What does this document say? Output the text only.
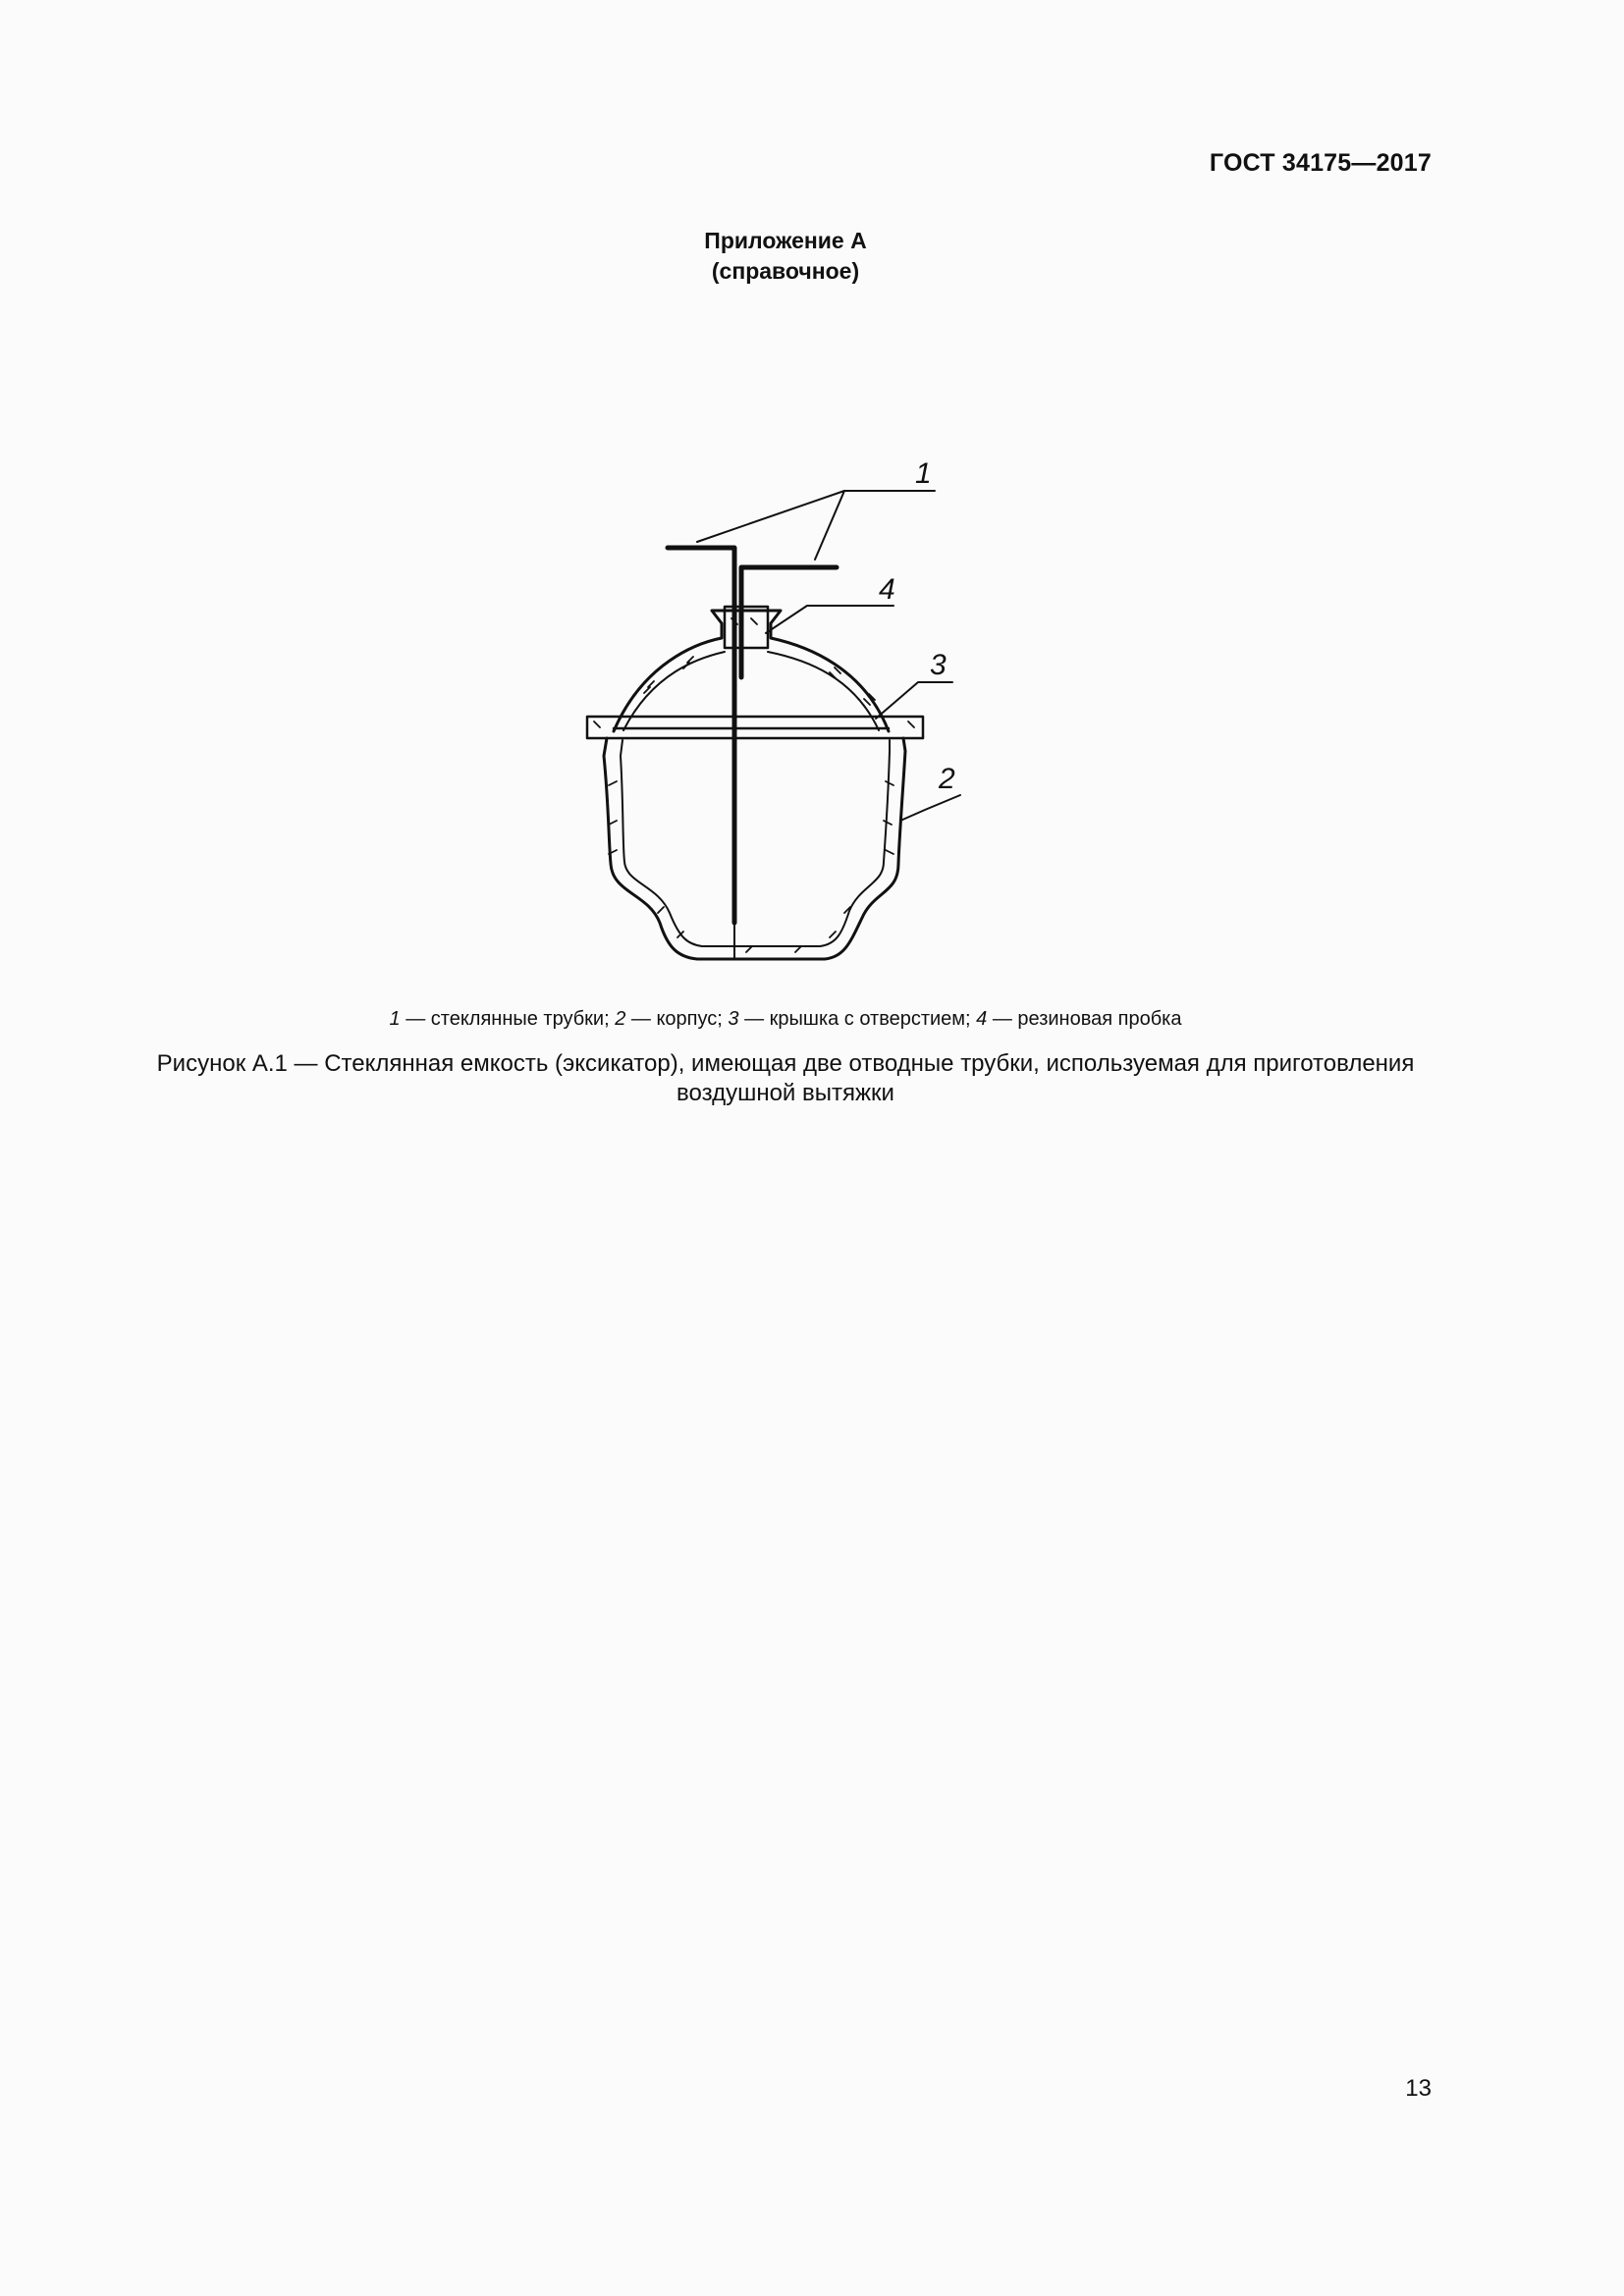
ГОСТ 34175—2017
Приложение А
(справочное)
1
4
3
2
1 — стеклянные трубки; 2 — корпус; 3 — крышка с отверстием; 4 — резиновая пробка
Рисунок А.1 — Стеклянная емкость (эксикатор), имеющая две отводные трубки, используемая для приготовления
воздушной вытяжки
13
